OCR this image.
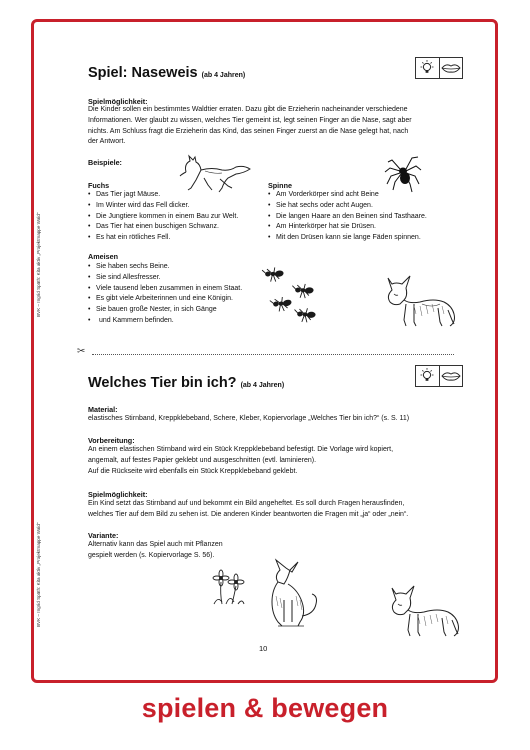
BVK – Ingrid Späth: Kita aktiv „Projektmappe Wald“
BVK – Ingrid Späth: Kita aktiv „Projektmappe Wald“
Spiel: Naseweis (ab 4 Jahren)
Spielmöglichkeit:
Die Kinder sollen ein bestimmtes Waldtier erraten. Dazu gibt die Erzieherin nacheinander verschiedene
Informationen. Wer glaubt zu wissen, welches Tier gemeint ist, legt seinen Finger an die Nase, sagt aber
nichts. Am Schluss fragt die Erzieherin das Kind, das seinen Finger zuerst an die Nase gelegt hat, nach
der Antwort.
Beispiele:
Fuchs
• Das Tier jagt Mäuse.
• Im Winter wird das Fell dicker.
• Die Jungtiere kommen in einem Bau zur Welt.
• Das Tier hat einen buschigen Schwanz.
• Es hat ein rötliches Fell.
Spinne
• Am Vorderkörper sind acht Beine
• Sie hat sechs oder acht Augen.
• Die langen Haare an den Beinen sind Tasthaare.
• Am Hinterkörper hat sie Drüsen.
• Mit den Drüsen kann sie lange Fäden spinnen.
Ameisen
• Sie haben sechs Beine.
• Sie sind Allesfresser.
• Viele tausend leben zusammen in einem Staat.
• Es gibt viele Arbeiterinnen und eine Königin.
• Sie bauen große Nester, in sich Gänge
• und Kammern befinden.
✂
Welches Tier bin ich? (ab 4 Jahren)
Material:
elastisches Stirnband, Kreppklebeband, Schere, Kleber, Kopiervorlage „Welches Tier bin ich?“ (s. S. 11)
Vorbereitung:
An einem elastischen Stirnband wird ein Stück Kreppklebeband befestigt. Die Vorlage wird kopiert,
angemalt, auf festes Papier geklebt und ausgeschnitten (evtl. laminieren).
Auf die Rückseite wird ebenfalls ein Stück Kreppklebeband geklebt.
Spielmöglichkeit:
Ein Kind setzt das Stirnband auf und bekommt ein Bild angeheftet. Es soll durch Fragen herausfinden,
welches Tier auf dem Bild zu sehen ist. Die anderen Kinder beantworten die Fragen mit „ja“ oder „nein“.
Variante:
Alternativ kann das Spiel auch mit Pflanzen
gespielt werden (s. Kopiervorlage S. 56).
10
spielen & bewegen
